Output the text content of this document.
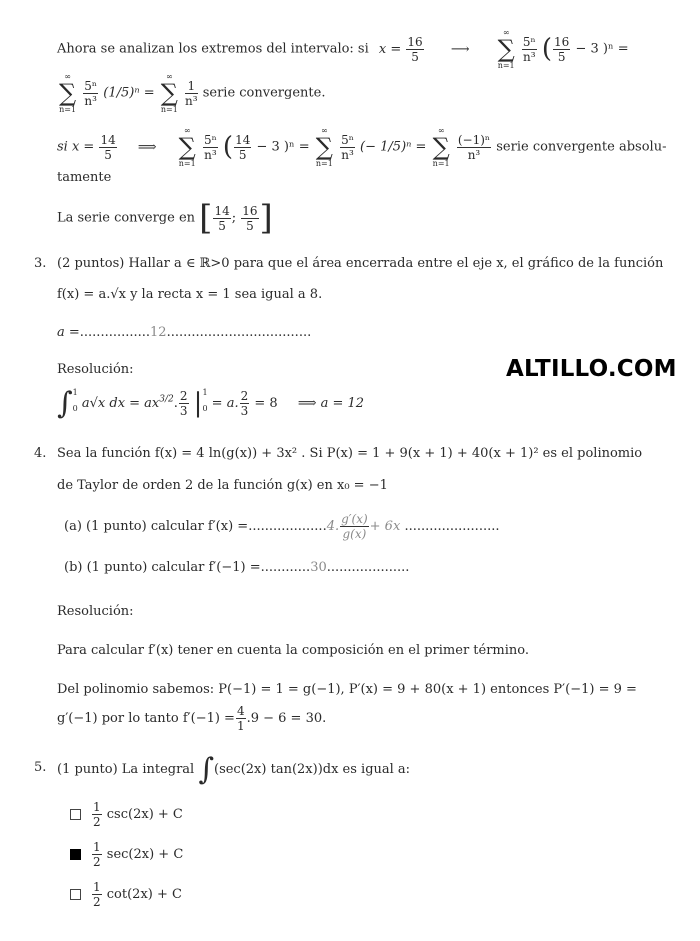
ALTILLO.COM
Ahora se analizan los extremos del intervalo: si $x = \frac{16}{5}$ ⟶
∞
∑
n=1

$\frac{\text{5ⁿ}}{\text{n³}}$ ( $\frac{16}{5} - 3$ )ⁿ =
∞
∑
n=1

$\frac{\text{5ⁿ}}{\text{n³}} (1/5)^n$ =
∞
∑
n=1

$\frac{1}{\text{n³}}$ serie convergente.
si $x = \frac{14}{5}$ ⟹
∞
∑
n=1

$\frac{\text{5ⁿ}}{\text{n³}}$ ( $\frac{14}{5} - 3$ )ⁿ =
∞
∑
n=1

$\frac{\text{5ⁿ}}{\text{n³}}$ (− 1/5)ⁿ =
∞
∑
n=1

$\frac{\text{(−1)ⁿ}}{\text{n³}}$ serie convergente absolu-
tamente
La serie converge en [ $\frac{14}{5}$ ; $\frac{16}{5}$ ]
3. (2 puntos) Hallar a ∈ ℝ>0 para que el área encerrada entre el eje x, el gráfico de la función
f(x) = a.√x y la recta x = 1 sea igual a 8.
a =.................12...................................
Resolución:
∫ 1
0 a√x dx = $ax^{3/2}$. $\frac{2}{3}$ | 1
0 = a. $\frac{2}{3} = 8$ ⟹ a = 12
4. Sea la función f(x) = 4 ln(g(x)) + 3x² . Si P(x) = 1 + 9(x + 1) + 40(x + 1)² es el polinomio
de Taylor de orden 2 de la función g(x) en x₀ = −1
(a) (1 punto) calcular f′(x) =...................4. $\frac{g'(x)}{g(x)} + 6x$ .......................
(b) (1 punto) calcular f′(−1) =............30....................
Resolución:
Para calcular f′(x) tener en cuenta la composición en el primer término.
Del polinomio sabemos: P(−1) = 1 = g(−1), P′(x) = 9 + 80(x + 1) entonces P′(−1) = 9 =
g′(−1) por lo tanto $f'(-1) = \frac{4}{1} .9 - 6 = 30$.
5. (1 punto) La integral ∫(sec(2x) tan(2x))dx es igual a:
$\frac{1}{2} \csc(2x) + C$
$\frac{1}{2} \sec(2x) + C$
$\frac{1}{2} \cot(2x) + C$
